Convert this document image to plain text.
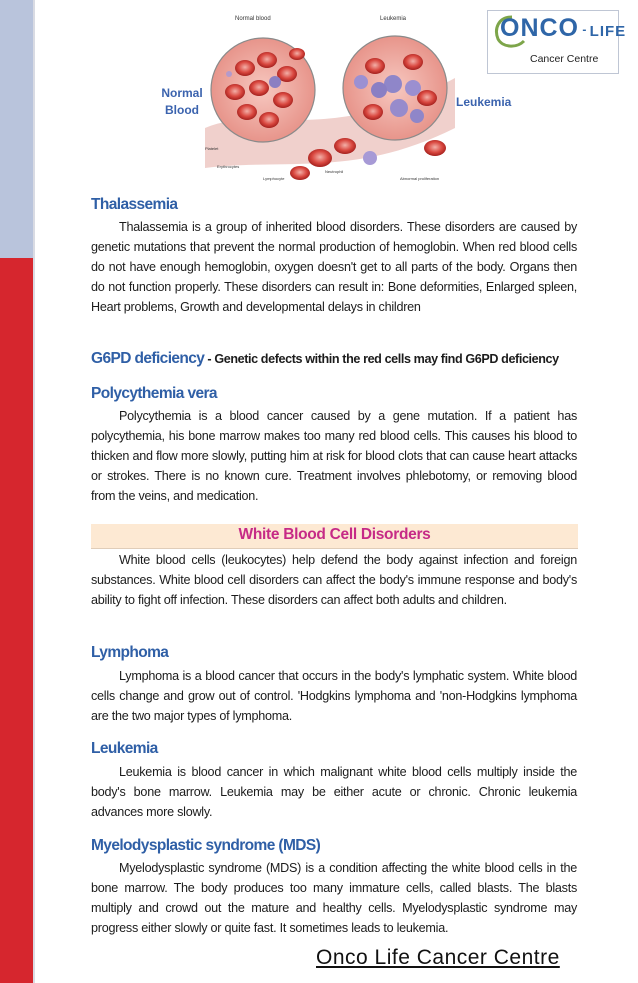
Normal blood	Leukemia
Platelet
Erythrocytes
Lymphocyte
Neutrophil
Abnormal proliferation
Normal Blood
Leukemia
ONCO - LIFE
Cancer Centre
Thalassemia
Thalassemia is a group of inherited blood disorders. These disorders are caused by genetic mutations that prevent the normal production of hemoglobin. When red blood cells do not have enough hemoglobin, oxygen doesn't get to all parts of the body. Organs then do not function properly. These disorders can result in: Bone deformities, Enlarged spleen, Heart problems, Growth and developmental delays in children
G6PD deficiency - Genetic defects within the red cells may find G6PD deficiency
Polycythemia vera
Polycythemia is a blood cancer caused by a gene mutation. If a patient has polycythemia, his bone marrow makes too many red blood cells. This causes his blood to thicken and flow more slowly, putting him at risk for blood clots that can cause heart attacks or strokes. There is no known cure. Treatment involves phlebotomy, or removing blood from the veins, and medication.
White Blood Cell Disorders
White blood cells (leukocytes) help defend the body against infection and foreign substances. White blood cell disorders can affect the body's immune response and body's ability to fight off infection. These disorders can affect both adults and children.
Lymphoma
Lymphoma is a blood cancer that occurs in the body's lymphatic system. White blood cells change and grow out of control. 'Hodgkins lymphoma and 'non-Hodgkins lymphoma are the two major types of lymphoma.
Leukemia
Leukemia is blood cancer in which malignant white blood cells multiply inside the body's bone marrow. Leukemia may be either acute or chronic. Chronic leukemia advances more slowly.
Myelodysplastic syndrome (MDS)
Myelodysplastic syndrome (MDS) is a condition affecting the white blood cells in the bone marrow. The body produces too many immature cells, called blasts. The blasts multiply and crowd out the mature and healthy cells. Myelodysplastic syndrome may progress either slowly or quite fast. It sometimes leads to leukemia.
Onco Life Cancer Centre
